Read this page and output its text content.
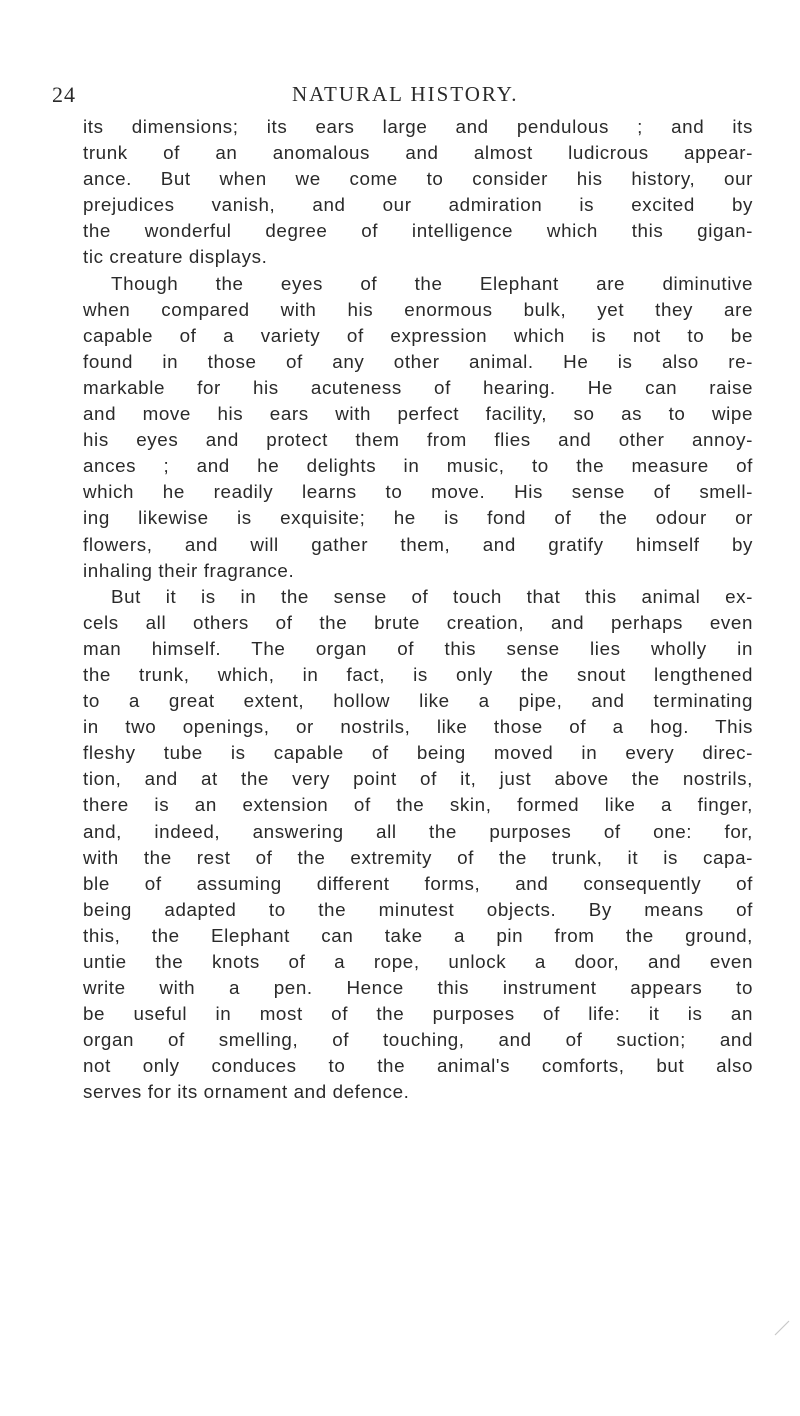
24	NATURAL HISTORY.
its dimensions; its ears large and pendulous ; and its
trunk of an anomalous and almost ludicrous appear-
ance. But when we come to consider his history, our
prejudices vanish, and our admiration is excited by
the wonderful degree of intelligence which this gigan-
tic creature displays.
Though the eyes of the Elephant are diminutive
when compared with his enormous bulk, yet they are
capable of a variety of expression which is not to be
found in those of any other animal. He is also re-
markable for his acuteness of hearing. He can raise
and move his ears with perfect facility, so as to wipe
his eyes and protect them from flies and other annoy-
ances ; and he delights in music, to the measure of
which he readily learns to move. His sense of smell-
ing likewise is exquisite; he is fond of the odour or
flowers, and will gather them, and gratify himself by
inhaling their fragrance.
But it is in the sense of touch that this animal ex-
cels all others of the brute creation, and perhaps even
man himself. The organ of this sense lies wholly in
the trunk, which, in fact, is only the snout lengthened
to a great extent, hollow like a pipe, and terminating
in two openings, or nostrils, like those of a hog. This
fleshy tube is capable of being moved in every direc-
tion, and at the very point of it, just above the nostrils,
there is an extension of the skin, formed like a finger,
and, indeed, answering all the purposes of one: for,
with the rest of the extremity of the trunk, it is capa-
ble of assuming different forms, and consequently of
being adapted to the minutest objects. By means of
this, the Elephant can take a pin from the ground,
untie the knots of a rope, unlock a door, and even
write with a pen. Hence this instrument appears to
be useful in most of the purposes of life: it is an
organ of smelling, of touching, and of suction; and
not only conduces to the animal's comforts, but also
serves for its ornament and defence.
